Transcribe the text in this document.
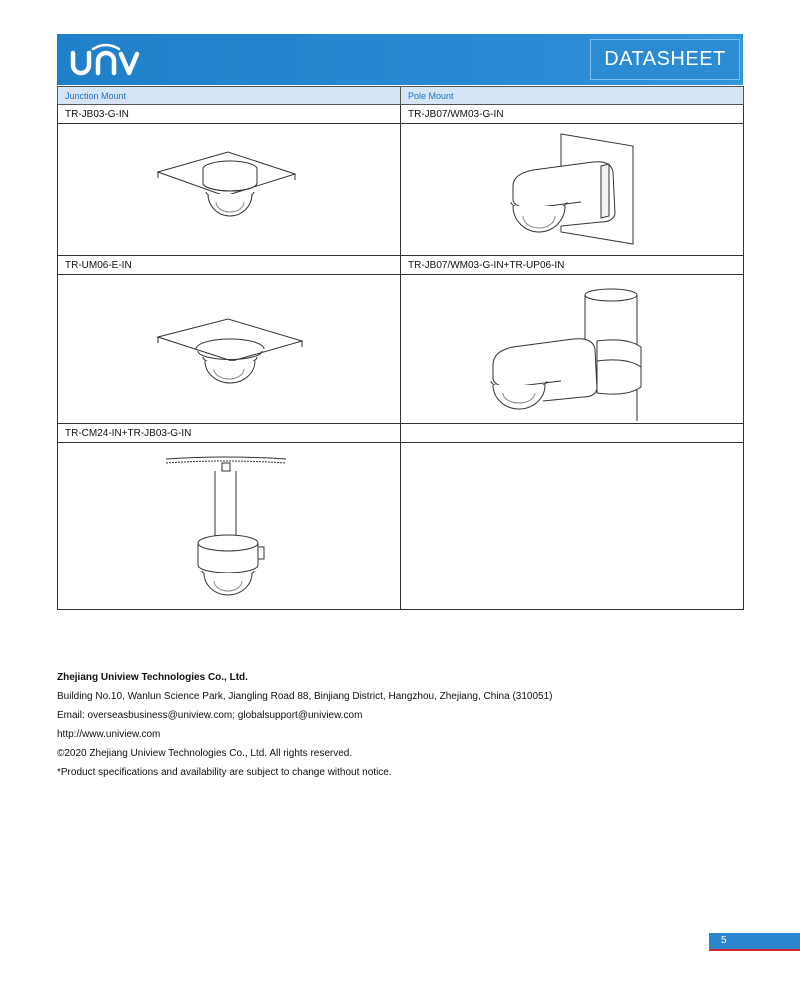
DATASHEET
Junction Mount	Pole Mount
TR-JB03-G-IN	TR-JB07/WM03-G-IN

TR-UM06-E-IN	TR-JB07/WM03-G-IN+TR-UP06-IN

TR-CM24-IN+TR-JB03-G-IN	

Zhejiang Uniview Technologies Co., Ltd.
Building No.10, Wanlun Science Park, Jiangling Road 88, Binjiang District, Hangzhou, Zhejiang, China (310051)
Email: overseasbusiness@uniview.com; globalsupport@uniview.com
http://www.uniview.com
©2020 Zhejiang Uniview Technologies Co., Ltd. All rights reserved.
*Product specifications and availability are subject to change without notice.
5
